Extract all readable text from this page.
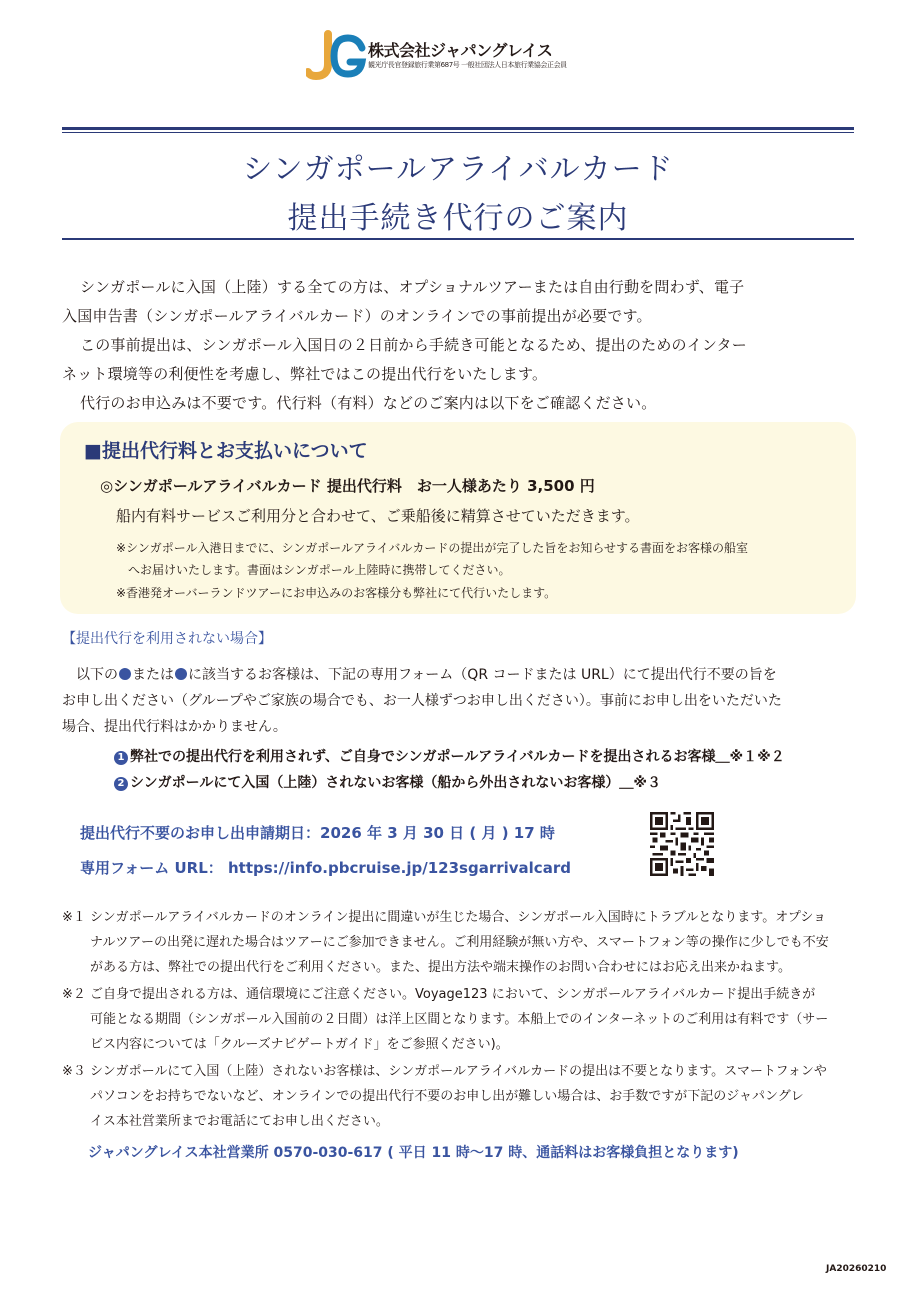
株式会社ジャパングレイス
観光庁長官登録旅行業第687号 一般社団法人日本旅行業協会正会員
シンガポールアライバルカード
提出手続き代行のご案内
シンガポールに入国（上陸）する全ての方は、オプショナルツアーまたは自由行動を問わず、電子
入国申告書（シンガポールアライバルカード）のオンラインでの事前提出が必要です。
この事前提出は、シンガポール入国日の２日前から手続き可能となるため、提出のためのインター
ネット環境等の利便性を考慮し、弊社ではこの提出代行をいたします。
代行のお申込みは不要です。代行料（有料）などのご案内は以下をご確認ください。
■提出代行料とお支払いについて
◎シンガポールアライバルカード 提出代行料　お一人様あたり 3,500 円
船内有料サービスご利用分と合わせて、ご乗船後に精算させていただきます。
※シンガポール入港日までに、シンガポールアライバルカードの提出が完了した旨をお知らせする書面をお客様の船室
へお届けいたします。書面はシンガポール上陸時に携帯してください。
※香港発オーバーランドツアーにお申込みのお客様分も弊社にて代行いたします。
【提出代行を利用されない場合】
以下の または に該当するお客様は、下記の専用フォーム（QR コードまたは URL）にて提出代行不要の旨を
お申し出ください（グループやご家族の場合でも、お一人様ずつお申し出ください）。事前にお申し出をいただいた
場合、提出代行料はかかりません。
1 弊社での提出代行を利用されず、ご自身でシンガポールアライバルカードを提出されるお客様＿※１※２
2 シンガポールにて入国（上陸）されないお客様（船から外出されないお客様）＿※３
提出代行不要のお申し出申請期日：2026 年 3 月 30 日 ( 月 ) 17 時
専用フォーム URL： https://info.pbcruise.jp/123sgarrivalcard
※１ シンガポールアライバルカードのオンライン提出に間違いが生じた場合、シンガポール入国時にトラブルとなります。オプショ
ナルツアーの出発に遅れた場合はツアーにご参加できません。ご利用経験が無い方や、スマートフォン等の操作に少しでも不安
がある方は、弊社での提出代行をご利用ください。また、提出方法や端末操作のお問い合わせにはお応え出来かねます。
※２ ご自身で提出される方は、通信環境にご注意ください。Voyage123 において、シンガポールアライバルカード提出手続きが
可能となる期間（シンガポール入国前の２日間）は洋上区間となります。本船上でのインターネットのご利用は有料です（サー
ビス内容については「クルーズナビゲートガイド」をご参照ください)。
※３ シンガポールにて入国（上陸）されないお客様は、シンガポールアライバルカードの提出は不要となります。スマートフォンや
パソコンをお持ちでないなど、オンラインでの提出代行不要のお申し出が難しい場合は、お手数ですが下記のジャパングレ
イス本社営業所までお電話にてお申し出ください。
ジャパングレイス本社営業所 0570-030-617 ( 平日 11 時～17 時、通話料はお客様負担となります)
JA20260210
